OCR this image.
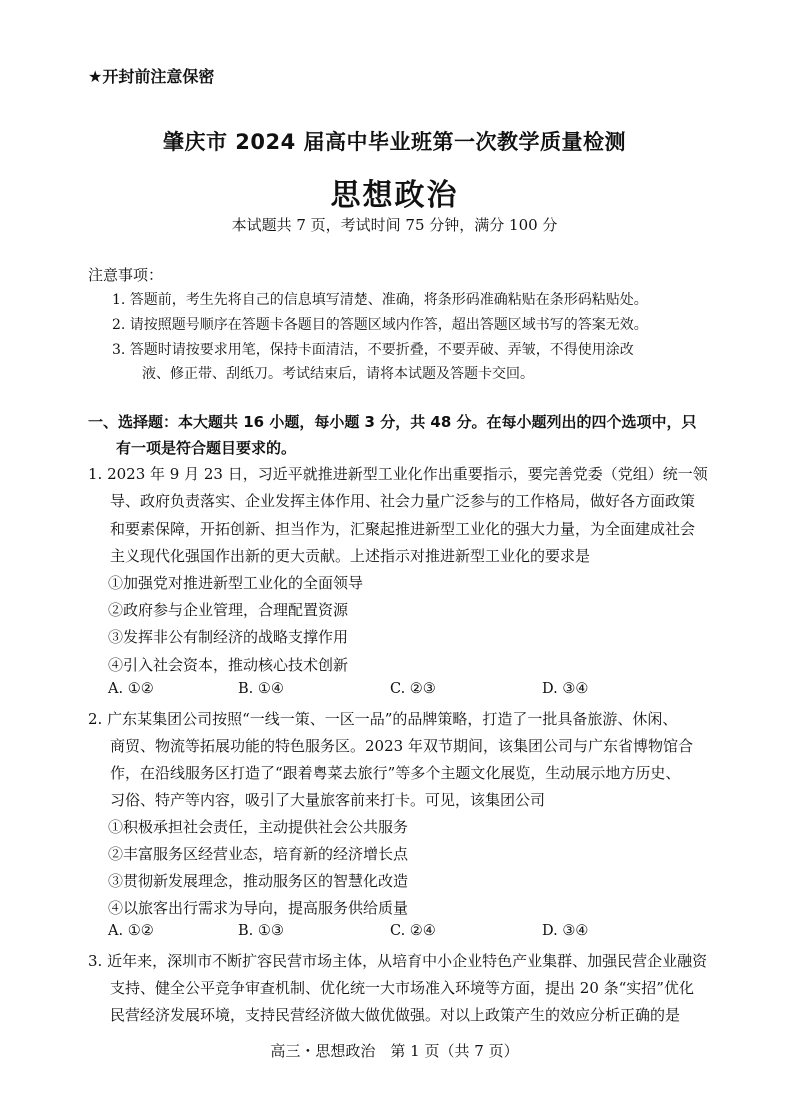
★开封前注意保密
肇庆市 2024 届高中毕业班第一次教学质量检测
思想政治
本试题共 7 页，考试时间 75 分钟，满分 100 分
注意事项：
1. 答题前，考生先将自己的信息填写清楚、准确，将条形码准确粘贴在条形码粘贴处。
2. 请按照题号顺序在答题卡各题目的答题区域内作答，超出答题区域书写的答案无效。
3. 答题时请按要求用笔，保持卡面清洁，不要折叠，不要弄破、弄皱，不得使用涂改
液、修正带、刮纸刀。考试结束后，请将本试题及答题卡交回。
一、选择题：本大题共 16 小题，每小题 3 分，共 48 分。在每小题列出的四个选项中，只
有一项是符合题目要求的。
1. 2023 年 9 月 23 日，习近平就推进新型工业化作出重要指示，要完善党委（党组）统一领
导、政府负责落实、企业发挥主体作用、社会力量广泛参与的工作格局，做好各方面政策
和要素保障，开拓创新、担当作为，汇聚起推进新型工业化的强大力量，为全面建成社会
主义现代化强国作出新的更大贡献。上述指示对推进新型工业化的要求是
①加强党对推进新型工业化的全面领导
②政府参与企业管理，合理配置资源
③发挥非公有制经济的战略支撑作用
④引入社会资本，推动核心技术创新
A. ①②	B. ①④	C. ②③	D. ③④
2. 广东某集团公司按照“一线一策、一区一品”的品牌策略，打造了一批具备旅游、休闲、
商贸、物流等拓展功能的特色服务区。2023 年双节期间，该集团公司与广东省博物馆合
作，在沿线服务区打造了“跟着粤菜去旅行”等多个主题文化展览，生动展示地方历史、
习俗、特产等内容，吸引了大量旅客前来打卡。可见，该集团公司
①积极承担社会责任，主动提供社会公共服务
②丰富服务区经营业态，培育新的经济增长点
③贯彻新发展理念，推动服务区的智慧化改造
④以旅客出行需求为导向，提高服务供给质量
A. ①②	B. ①③	C. ②④	D. ③④
3. 近年来，深圳市不断扩容民营市场主体，从培育中小企业特色产业集群、加强民营企业融资
支持、健全公平竞争审查机制、优化统一大市场准入环境等方面，提出 20 条“实招”优化
民营经济发展环境，支持民营经济做大做优做强。对以上政策产生的效应分析正确的是
高三・思想政治　第 1 页（共 7 页）
